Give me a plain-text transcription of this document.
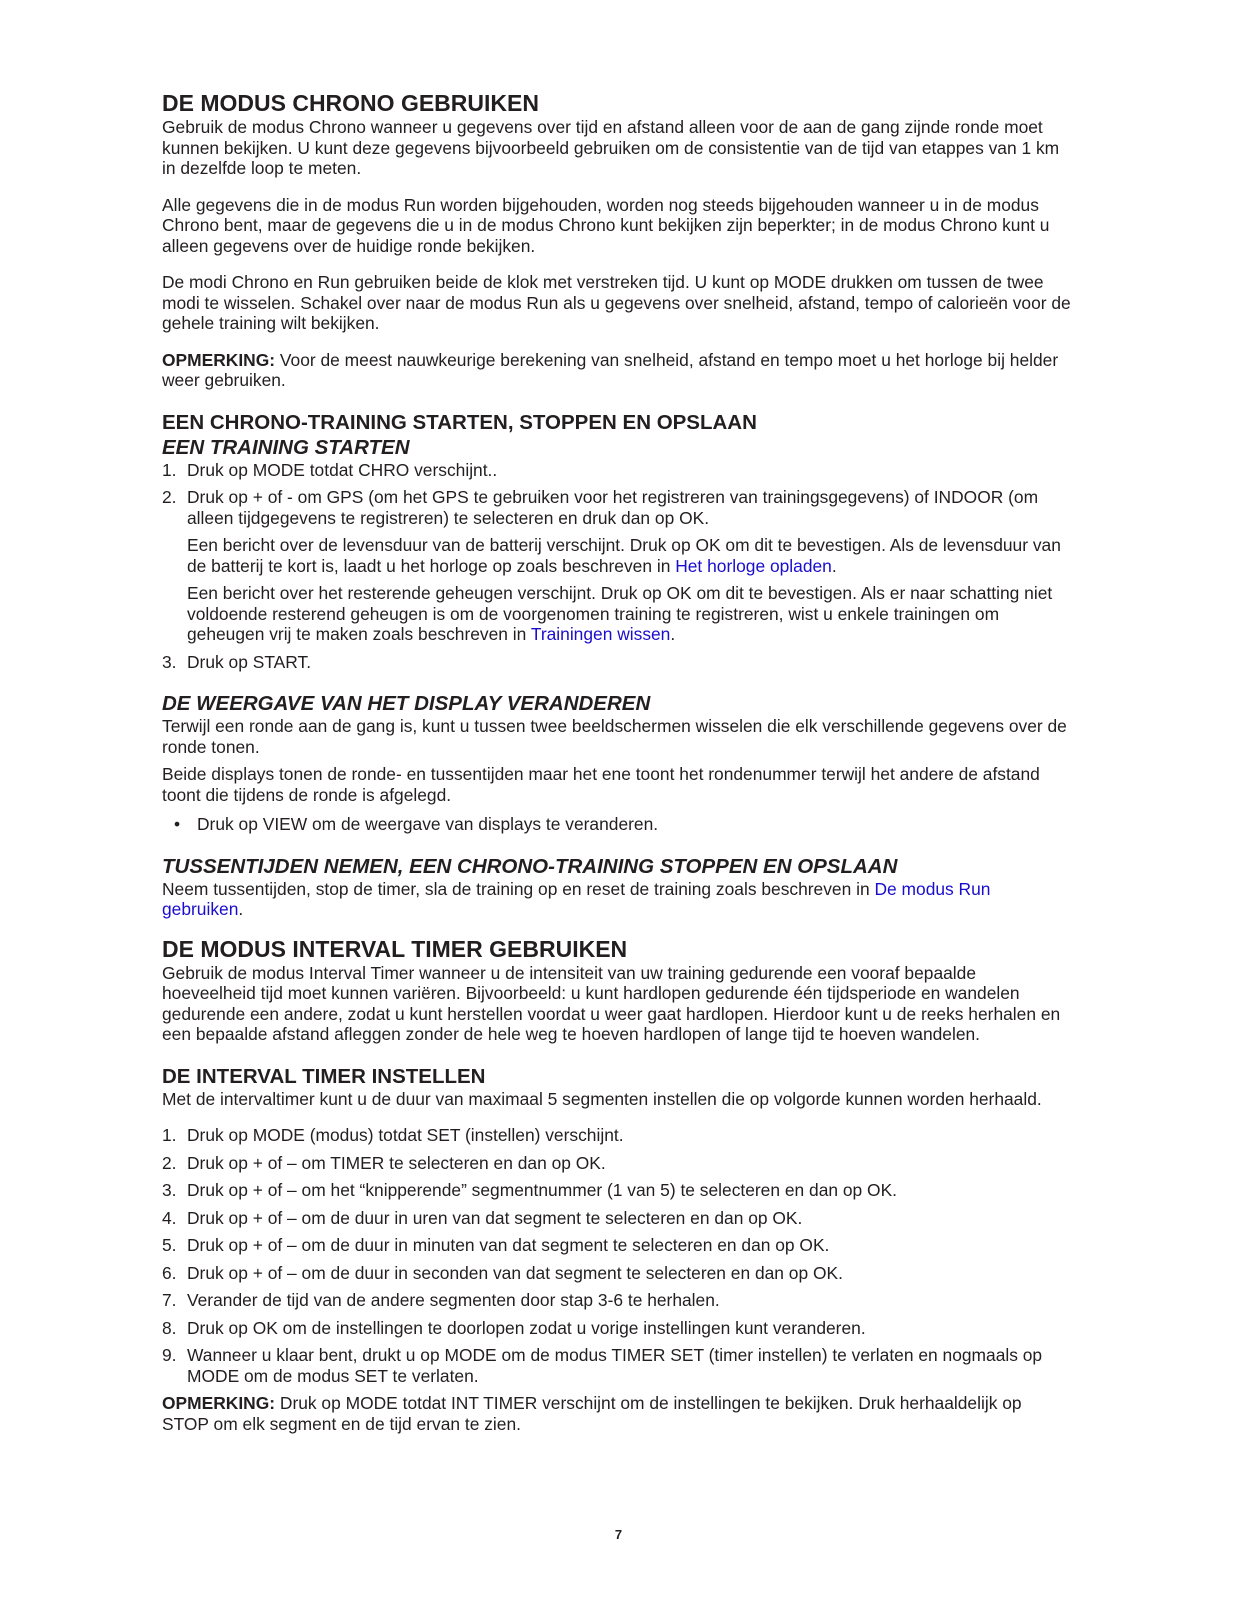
DE MODUS CHRONO GEBRUIKEN

Gebruik de modus Chrono wanneer u gegevens over tijd en afstand alleen voor de aan de gang zijnde ronde moet kunnen bekijken. U kunt deze gegevens bijvoorbeeld gebruiken om de consistentie van de tijd van etappes van 1 km in dezelfde loop te meten.

Alle gegevens die in de modus Run worden bijgehouden, worden nog steeds bijgehouden wanneer u in de modus Chrono bent, maar de gegevens die u in de modus Chrono kunt bekijken zijn beperkter; in de modus Chrono kunt u alleen gegevens over de huidige ronde bekijken.

De modi Chrono en Run gebruiken beide de klok met verstreken tijd. U kunt op MODE drukken om tussen de twee modi te wisselen. Schakel over naar de modus Run als u gegevens over snelheid, afstand, tempo of calorieën voor de gehele training wilt bekijken.

OPMERKING: Voor de meest nauwkeurige berekening van snelheid, afstand en tempo moet u het horloge bij helder weer gebruiken.

EEN CHRONO-TRAINING STARTEN, STOPPEN EN OPSLAAN
EEN TRAINING STARTEN
1. Druk op MODE totdat CHRO verschijnt..
2. Druk op + of - om GPS (om het GPS te gebruiken voor het registreren van trainingsgegevens) of INDOOR (om alleen tijdgegevens te registreren) te selecteren en druk dan op OK.

Een bericht over de levensduur van de batterij verschijnt. Druk op OK om dit te bevestigen. Als de levensduur van de batterij te kort is, laadt u het horloge op zoals beschreven in Het horloge opladen.

Een bericht over het resterende geheugen verschijnt. Druk op OK om dit te bevestigen. Als er naar schatting niet voldoende resterend geheugen is om de voorgenomen training te registreren, wist u enkele trainingen om geheugen vrij te maken zoals beschreven in Trainingen wissen.

3. Druk op START.
DE WEERGAVE VAN HET DISPLAY VERANDEREN

Terwijl een ronde aan de gang is, kunt u tussen twee beeldschermen wisselen die elk verschillende gegevens over de ronde tonen.

Beide displays tonen de ronde- en tussentijden maar het ene toont het rondenummer terwijl het andere de afstand toont die tijdens de ronde is afgelegd.

• Druk op VIEW om de weergave van displays te veranderen.
TUSSENTIJDEN NEMEN, EEN CHRONO-TRAINING STOPPEN EN OPSLAAN

Neem tussentijden, stop de timer, sla de training op en reset de training zoals beschreven in De modus Run gebruiken.

DE MODUS INTERVAL TIMER GEBRUIKEN

Gebruik de modus Interval Timer wanneer u de intensiteit van uw training gedurende een vooraf bepaalde hoeveelheid tijd moet kunnen variëren. Bijvoorbeeld: u kunt hardlopen gedurende één tijdsperiode en wandelen gedurende een andere, zodat u kunt herstellen voordat u weer gaat hardlopen. Hierdoor kunt u de reeks herhalen en een bepaalde afstand afleggen zonder de hele weg te hoeven hardlopen of lange tijd te hoeven wandelen.

DE INTERVAL TIMER INSTELLEN

Met de intervaltimer kunt u de duur van maximaal 5 segmenten instellen die op volgorde kunnen worden herhaald.

1. Druk op MODE (modus) totdat SET (instellen) verschijnt.
2. Druk op + of – om TIMER te selecteren en dan op OK.
3. Druk op + of – om het “knipperende” segmentnummer (1 van 5) te selecteren en dan op OK.
4. Druk op + of – om de duur in uren van dat segment te selecteren en dan op OK.
5. Druk op + of – om de duur in minuten van dat segment te selecteren en dan op OK.
6. Druk op + of – om de duur in seconden van dat segment te selecteren en dan op OK.
7. Verander de tijd van de andere segmenten door stap 3-6 te herhalen.
8. Druk op OK om de instellingen te doorlopen zodat u vorige instellingen kunt veranderen.
9. Wanneer u klaar bent, drukt u op MODE om de modus TIMER SET (timer instellen) te verlaten en nogmaals op MODE om de modus SET te verlaten.

OPMERKING: Druk op MODE totdat INT TIMER verschijnt om de instellingen te bekijken. Druk herhaaldelijk op STOP om elk segment en de tijd ervan te zien.

7
